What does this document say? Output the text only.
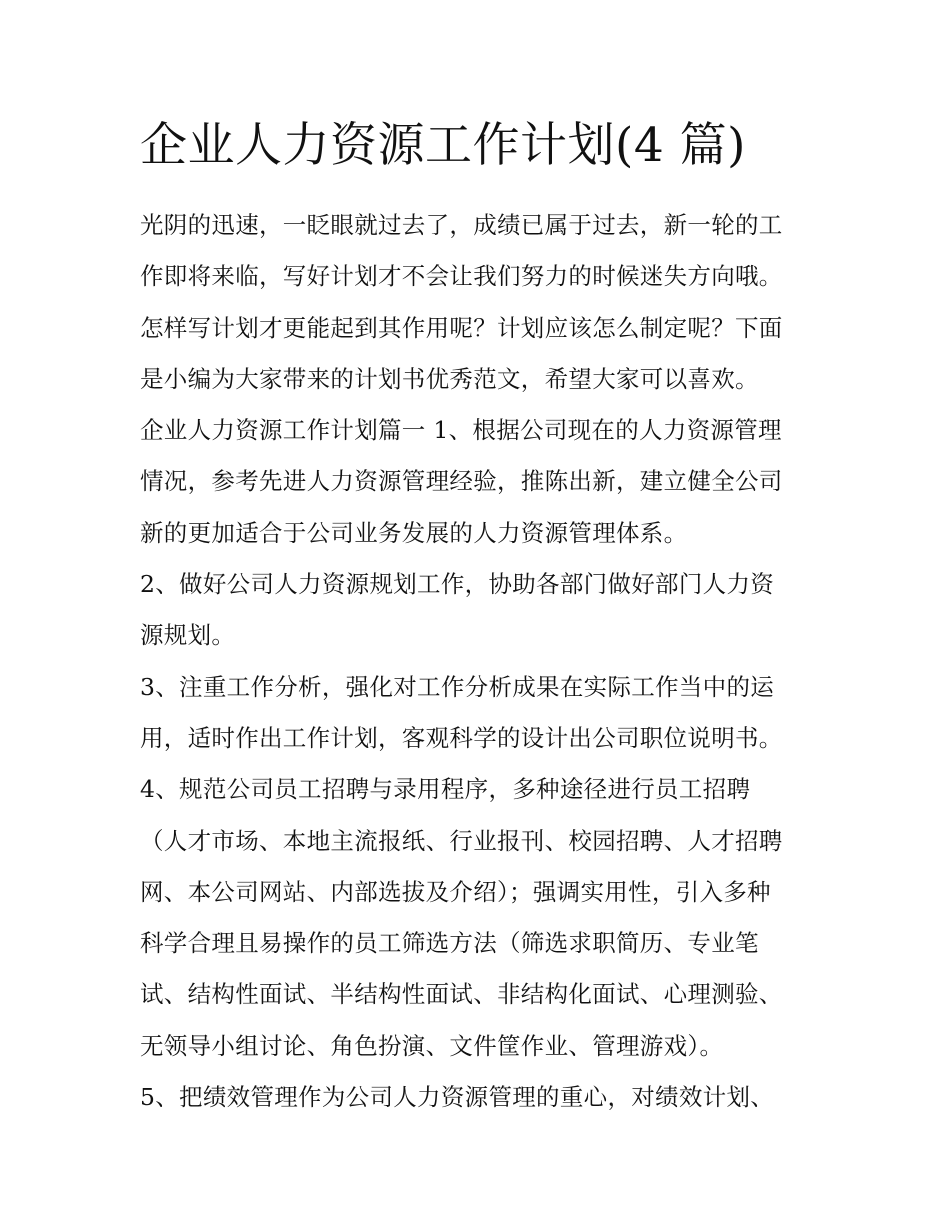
企业人力资源工作计划(4 篇)
光阴的迅速，一眨眼就过去了，成绩已属于过去，新一轮的工
作即将来临，写好计划才不会让我们努力的时候迷失方向哦。
怎样写计划才更能起到其作用呢？计划应该怎么制定呢？下面
是小编为大家带来的计划书优秀范文，希望大家可以喜欢。
企业人力资源工作计划篇一 1、根据公司现在的人力资源管理
情况，参考先进人力资源管理经验，推陈出新，建立健全公司
新的更加适合于公司业务发展的人力资源管理体系。
2、做好公司人力资源规划工作，协助各部门做好部门人力资
源规划。
3、注重工作分析，强化对工作分析成果在实际工作当中的运
用，适时作出工作计划，客观科学的设计出公司职位说明书。
4、规范公司员工招聘与录用程序，多种途径进行员工招聘
（人才市场、本地主流报纸、行业报刊、校园招聘、人才招聘
网、本公司网站、内部选拔及介绍）；强调实用性，引入多种
科学合理且易操作的员工筛选方法（筛选求职简历、专业笔
试、结构性面试、半结构性面试、非结构化面试、心理测验、
无领导小组讨论、角色扮演、文件筐作业、管理游戏）。
5、把绩效管理作为公司人力资源管理的重心，对绩效计划、
